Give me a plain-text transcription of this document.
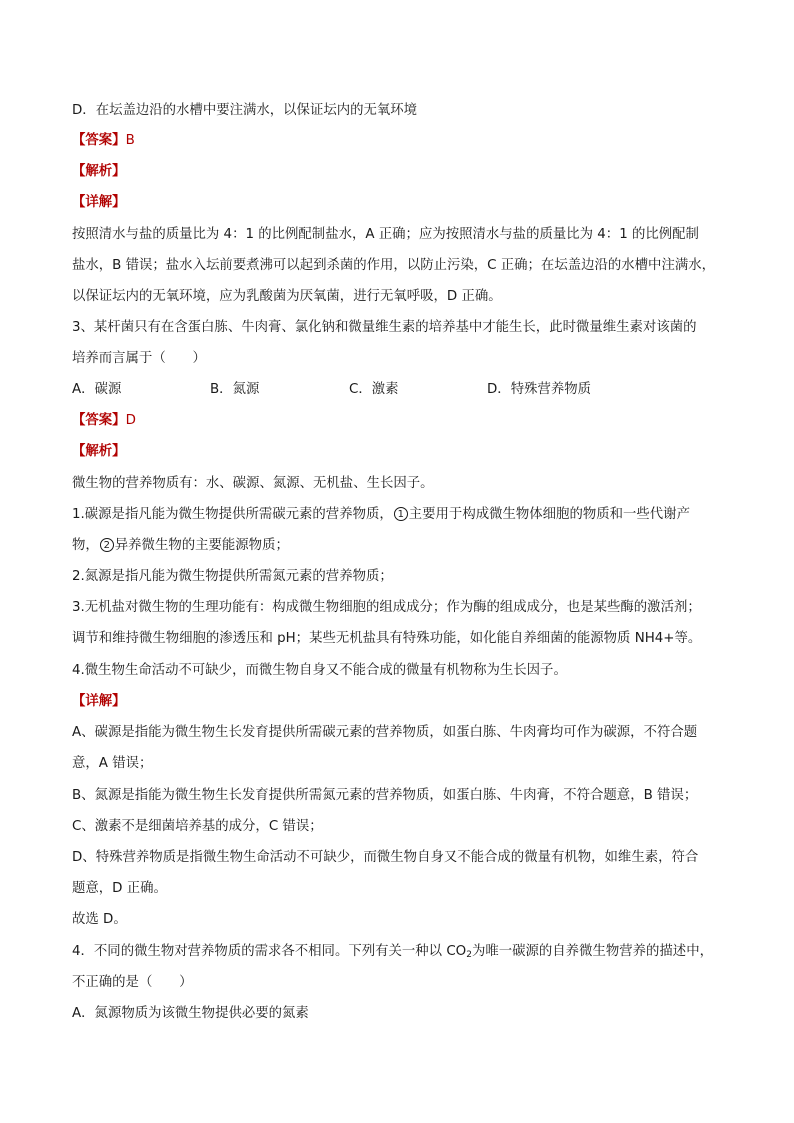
D．在坛盖边沿的水槽中要注满水，以保证坛内的无氧环境
【答案】B
【解析】
【详解】
按照清水与盐的质量比为 4：1 的比例配制盐水，A 正确；应为按照清水与盐的质量比为 4：1 的比例配制
盐水，B 错误；盐水入坛前要煮沸可以起到杀菌的作用，以防止污染，C 正确；在坛盖边沿的水槽中注满水，
以保证坛内的无氧环境，应为乳酸菌为厌氧菌，进行无氧呼吸，D 正确。
3、某杆菌只有在含蛋白胨、牛肉膏、氯化钠和微量维生素的培养基中才能生长，此时微量维生素对该菌的
培养而言属于（　　）
A．碳源	B．氮源	C．激素	D．特殊营养物质
【答案】D
【解析】
微生物的营养物质有：水、碳源、氮源、无机盐、生长因子。
1.碳源是指凡能为微生物提供所需碳元素的营养物质， 1 主要用于构成微生物体细胞的物质和一些代谢产
物， 2 异养微生物的主要能源物质；
2.氮源是指凡能为微生物提供所需氮元素的营养物质；
3.无机盐对微生物的生理功能有：构成微生物细胞的组成成分；作为酶的组成成分，也是某些酶的激活剂；
调节和维持微生物细胞的渗透压和 pH；某些无机盐具有特殊功能，如化能自养细菌的能源物质 NH4+等。
4.微生物生命活动不可缺少，而微生物自身又不能合成的微量有机物称为生长因子。
【详解】
A、碳源是指能为微生物生长发育提供所需碳元素的营养物质，如蛋白胨、牛肉膏均可作为碳源，不符合题
意，A 错误；
B、氮源是指能为微生物生长发育提供所需氮元素的营养物质，如蛋白胨、牛肉膏，不符合题意，B 错误；
C、激素不是细菌培养基的成分，C 错误；
D、特殊营养物质是指微生物生命活动不可缺少，而微生物自身又不能合成的微量有机物，如维生素，符合
题意，D 正确。
故选 D。
4．不同的微生物对营养物质的需求各不相同。下列有关一种以 $CO_2$为唯一碳源的自养微生物营养的描述中，
不正确的是（　　）
A．氮源物质为该微生物提供必要的氮素
